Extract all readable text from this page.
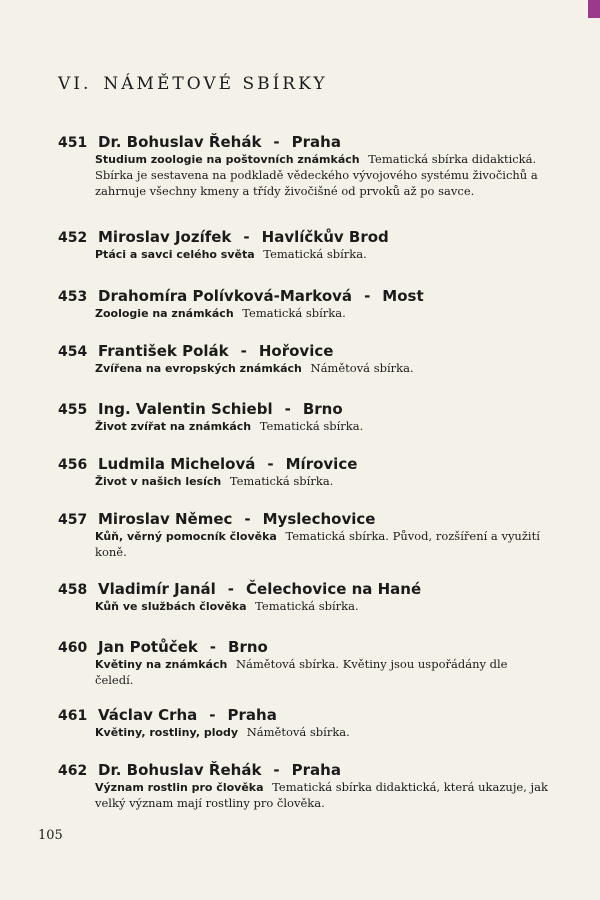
VI. NÁMĚTOVÉ SBÍRKY
451 Dr. Bohuslav Řehák - Praha
Studium zoologie na poštovních známkách Tematická sbírka didaktická. Sbírka je sestavena na podkladě vědeckého vývojového systému živočichů a zahrnuje všechny kmeny a třídy živočišné od prvoků až po savce.
452 Miroslav Jozífek - Havlíčkův Brod
Ptáci a savci celého světa Tematická sbírka.
453 Drahomíra Polívková-Marková - Most
Zoologie na známkách Tematická sbírka.
454 František Polák - Hořovice
Zvířena na evropských známkách Námětová sbírka.
455 Ing. Valentin Schiebl - Brno
Život zvířat na známkách Tematická sbírka.
456 Ludmila Michelová - Mírovice
Život v našich lesích Tematická sbírka.
457 Miroslav Němec - Myslechovice
Kůň, věrný pomocník člověka Tematická sbírka. Původ, rozšíření a využití koně.
458 Vladimír Janál - Čelechovice na Hané
Kůň ve službách člověka Tematická sbírka.
460 Jan Potůček - Brno
Květiny na známkách Námětová sbírka. Květiny jsou uspořádány dle čeledí.
461 Václav Crha - Praha
Květiny, rostliny, plody Námětová sbírka.
462 Dr. Bohuslav Řehák - Praha
Význam rostlin pro člověka Tematická sbírka didaktická, která ukazuje, jak velký význam mají rostliny pro člověka.
105
